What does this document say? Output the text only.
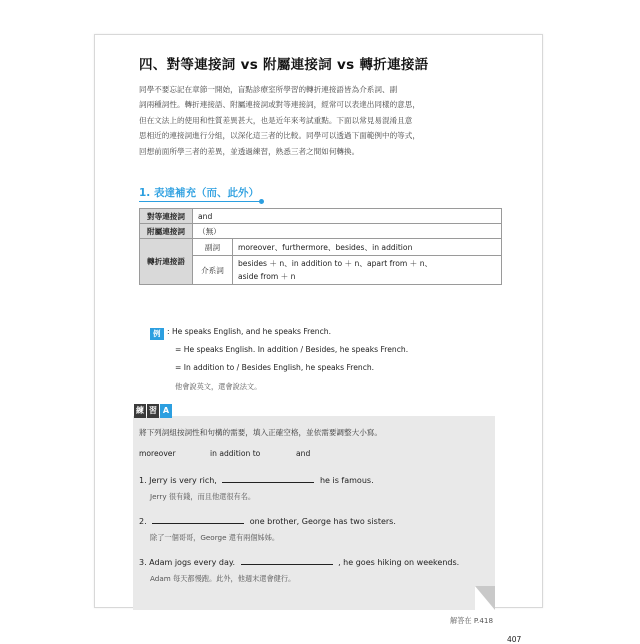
四、對等連接詞 vs 附屬連接詞 vs 轉折連接語
同學不要忘記在章節一開始，盲點診療室所學習的轉折連接語皆為介系詞、副
詞兩種詞性。轉折連接語、附屬連接詞或對等連接詞，經常可以表達出同樣的意思，
但在文法上的使用和性質差異甚大，也是近年來考試重點。下面以常見易混淆且意
思相近的連接詞進行分組，以深化這三者的比較。同學可以透過下面範例中的等式，
回想前面所學三者的差異，並透過練習，熟悉三者之間如何轉換。
1. 表達補充（而、此外）
對等連接詞	and	
附屬連接詞	（無）	
轉折連接語	副詞	moreover、furthermore、besides、in addition
	介系詞	besides ＋ n、in addition to ＋ n、apart from ＋ n、
aside from ＋ n
例 : He speaks English, and he speaks French.
= He speaks English. In addition / Besides, he speaks French.
= In addition to / Besides English, he speaks French.
他會說英文，還會說法文。
練 習 A
將下列詞組按詞性和句構的需要，填入正確空格，並依需要調整大小寫。
moreover	in addition to	and
1. Jerry is very rich,	he is famous.
Jerry 很有錢，而且他還很有名。
2.	one brother, George has two sisters.
除了一個哥哥，George 還有兩個姊姊。
3. Adam jogs every day.	, he goes hiking on weekends.
Adam 每天都慢跑。此外，他週末還會健行。
解答在 P.418
407
